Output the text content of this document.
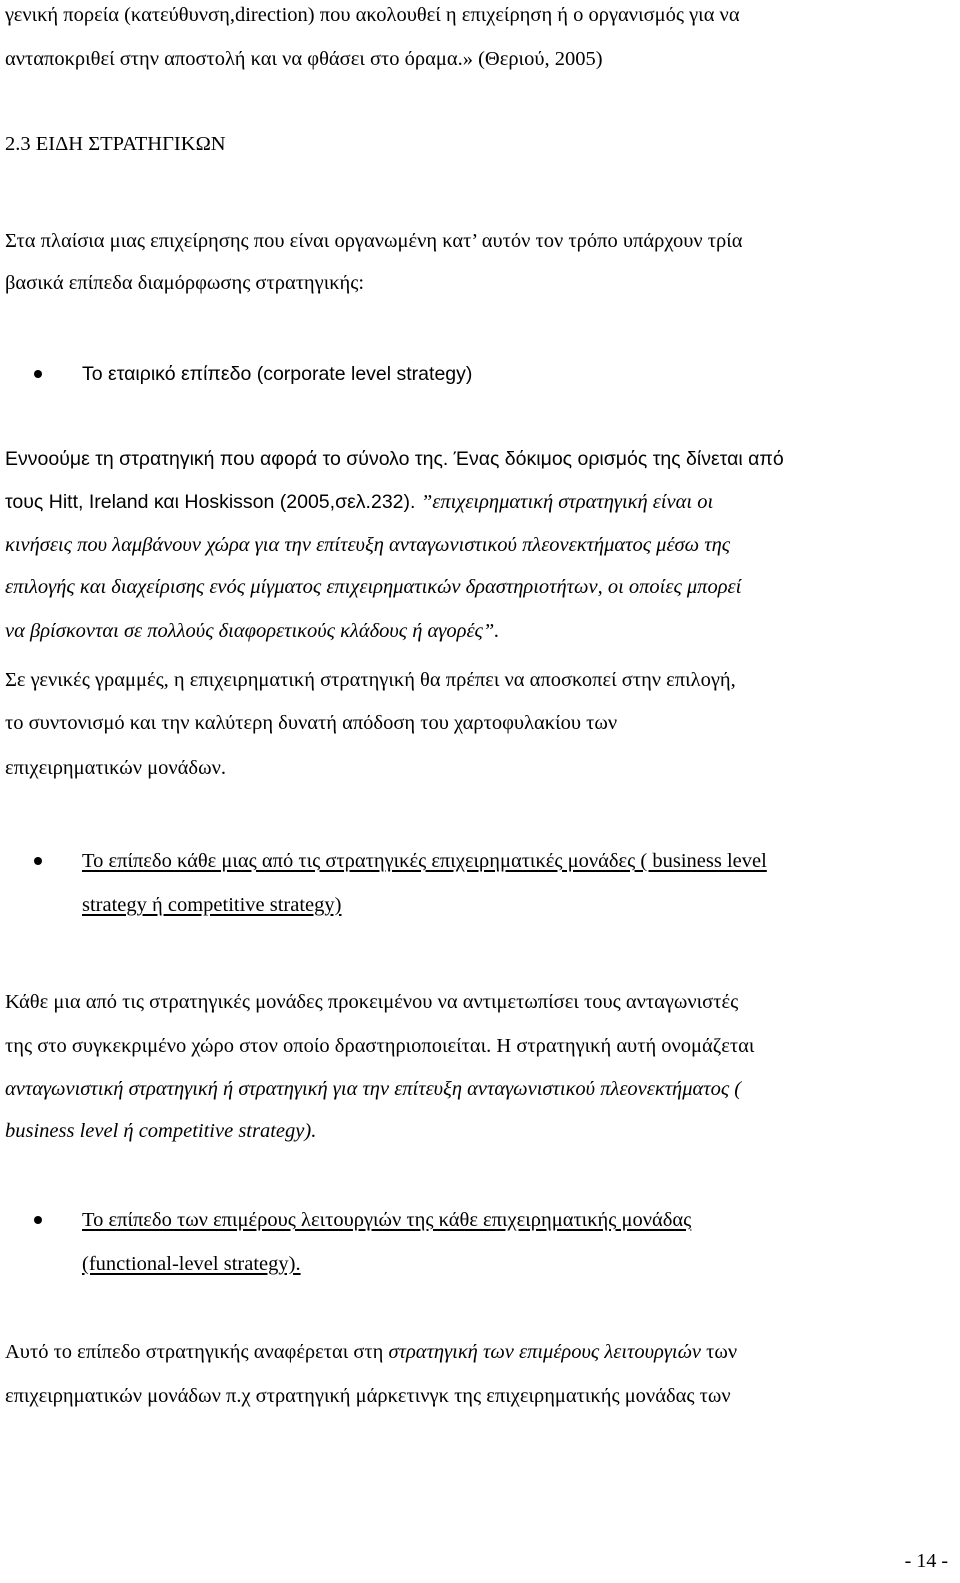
γενική πορεία (κατεύθυνση,direction) που ακολουθεί η επιχείρηση ή ο οργανισμός για να
ανταποκριθεί στην αποστολή και να φθάσει στο όραμα.» (Θεριού, 2005)
2.3 ΕΙΔΗ ΣΤΡΑΤΗΓΙΚΩΝ
Στα πλαίσια μιας επιχείρησης που είναι οργανωμένη κατ’ αυτόν τον τρόπο υπάρχουν τρία
βασικά επίπεδα διαμόρφωσης στρατηγικής:
Το εταιρικό επίπεδο (corporate level strategy)
Εννοούμε τη στρατηγική που αφορά το σύνολο της. Ένας δόκιμος ορισμός της δίνεται από
τους Hitt, Ireland και Hoskisson (2005,σελ.232). ”επιχειρηματική στρατηγική είναι οι
κινήσεις που λαμβάνουν χώρα για την επίτευξη ανταγωνιστικού πλεονεκτήματος μέσω της
επιλογής και διαχείρισης ενός μίγματος επιχειρηματικών δραστηριοτήτων, οι οποίες μπορεί
να βρίσκονται σε πολλούς διαφορετικούς κλάδους ή αγορές”.
Σε γενικές γραμμές, η επιχειρηματική στρατηγική θα πρέπει να αποσκοπεί στην επιλογή,
το συντονισμό και την καλύτερη δυνατή απόδοση του χαρτοφυλακίου των
επιχειρηματικών μονάδων.
Το επίπεδο κάθε μιας από τις στρατηγικές επιχειρηματικές μονάδες ( business level
strategy ή competitive strategy)
Κάθε μια από τις στρατηγικές μονάδες προκειμένου να αντιμετωπίσει τους ανταγωνιστές
της στο συγκεκριμένο χώρο στον οποίο δραστηριοποιείται. Η στρατηγική αυτή ονομάζεται
ανταγωνιστική στρατηγική ή στρατηγική για την επίτευξη ανταγωνιστικού πλεονεκτήματος (
business level ή competitive strategy).
Το επίπεδο των επιμέρους λειτουργιών της κάθε επιχειρηματικής μονάδας
(functional-level strategy).
Αυτό το επίπεδο στρατηγικής αναφέρεται στη στρατηγική των επιμέρους λειτουργιών των
επιχειρηματικών μονάδων π.χ στρατηγική μάρκετινγκ της επιχειρηματικής μονάδας των
- 14 -
